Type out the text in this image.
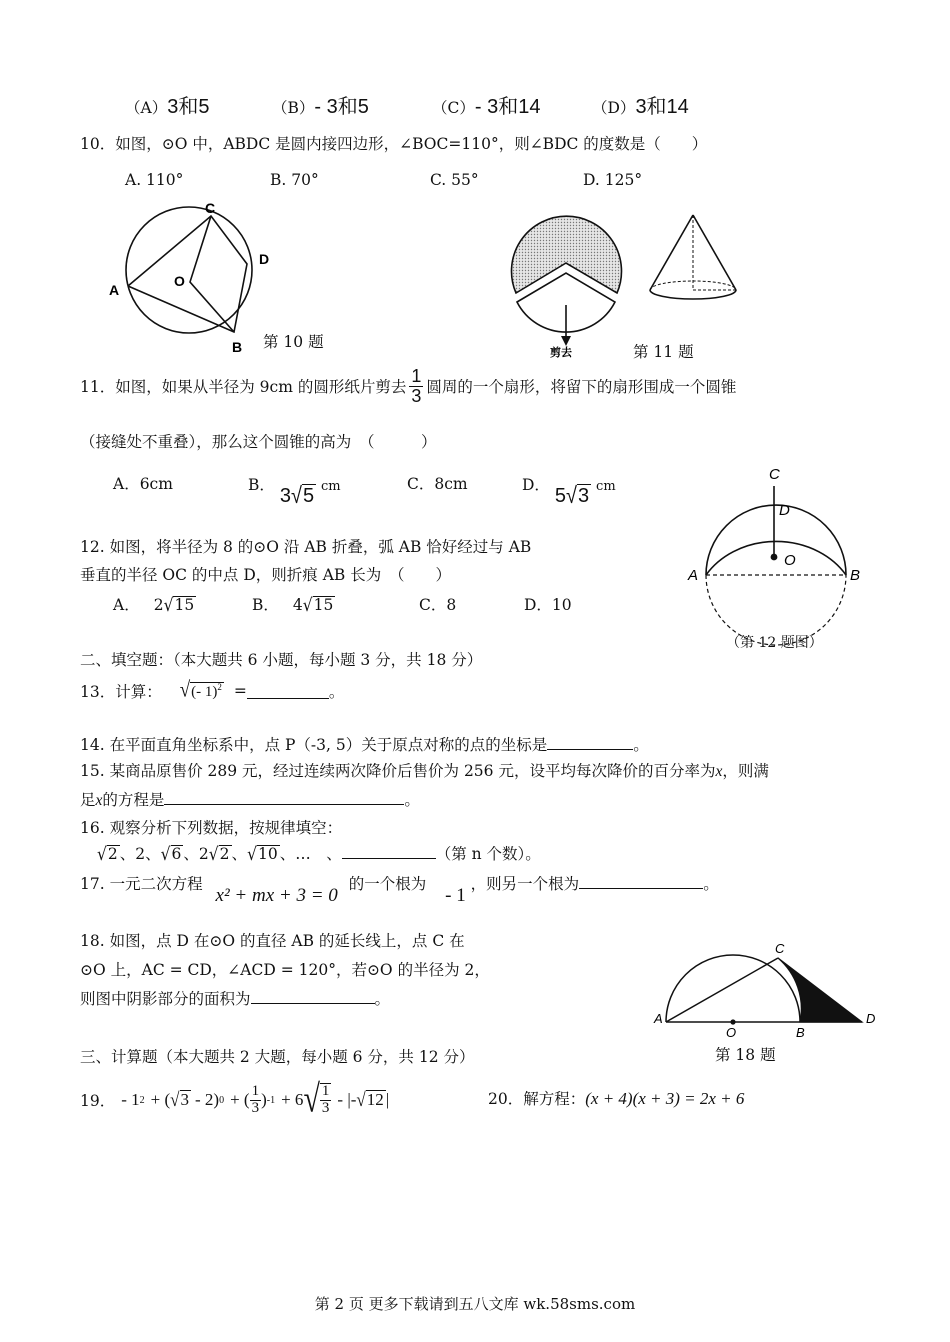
（A）3和5	（B）- 3和5	（C）- 3和14	（D）3和14
10．如图，⊙O 中，ABDC 是圆内接四边形，∠BOC=110°，则∠BDC 的度数是（　　）
A. 110°	B. 70°	C. 55°	D. 125°
C
D
A
O
B 第 10 题
剪去	第 11 题
11．如图，如果从半径为 9cm 的圆形纸片剪去 $\frac{1}{3}$ 圆周的一个扇形，将留下的扇形围成一个圆锥
（接缝处不重叠），那么这个圆锥的高为　（　　　）
A．6cm	B． 3√5 cm	C．8cm	D． 5√3 cm
C
D
O
A	B
（第 12 题图）
12. 如图，将半径为 8 的⊙O 沿 AB 折叠，弧 AB 恰好经过与 AB
垂直的半径 OC 的中点 D，则折痕 AB 长为　（　　）
A． 2√15	B． 4√15	C．8	D．10
二、填空题：（本大题共 6 小题，每小题 3 分，共 18 分）
13．计算： √(- 1)$^2$ =	。
14. 在平面直角坐标系中，点 P（-3, 5）关于原点对称的点的坐标是	。
15. 某商品原售价 289 元，经过连续两次降价后售价为 256 元，设平均每次降价的百分率为x，则满
足x的方程是	。
16. 观察分析下列数据，按规律填空：
√2 、2、√6 、2√2 、√10 、…　、	（第 n 个数）。
17. 一元二次方程 x² + mx + 3 = 0 的一个根为 - 1 ，则另一个根为	。
18. 如图，点 D 在⊙O 的直径 AB 的延长线上，点 C 在
⊙O 上，AC = CD，∠ACD = 120°，若⊙O 的半径为 2，
则图中阴影部分的面积为	。
A
O	B
C
D
第 18 题
三、计算题（本大题共 2 大题，每小题 6 分，共 12 分）
19． - 1 2 + ( √ 3 - 2) 0 + ( $\frac{1}{3}$ ) -1 + 6 √ $\frac{1}{3}$ - |- √ 12 |	20．解方程：(x + 4)(x + 3) = 2x + 6
第 2 页 更多下载请到五八文库 wk.58sms.com
